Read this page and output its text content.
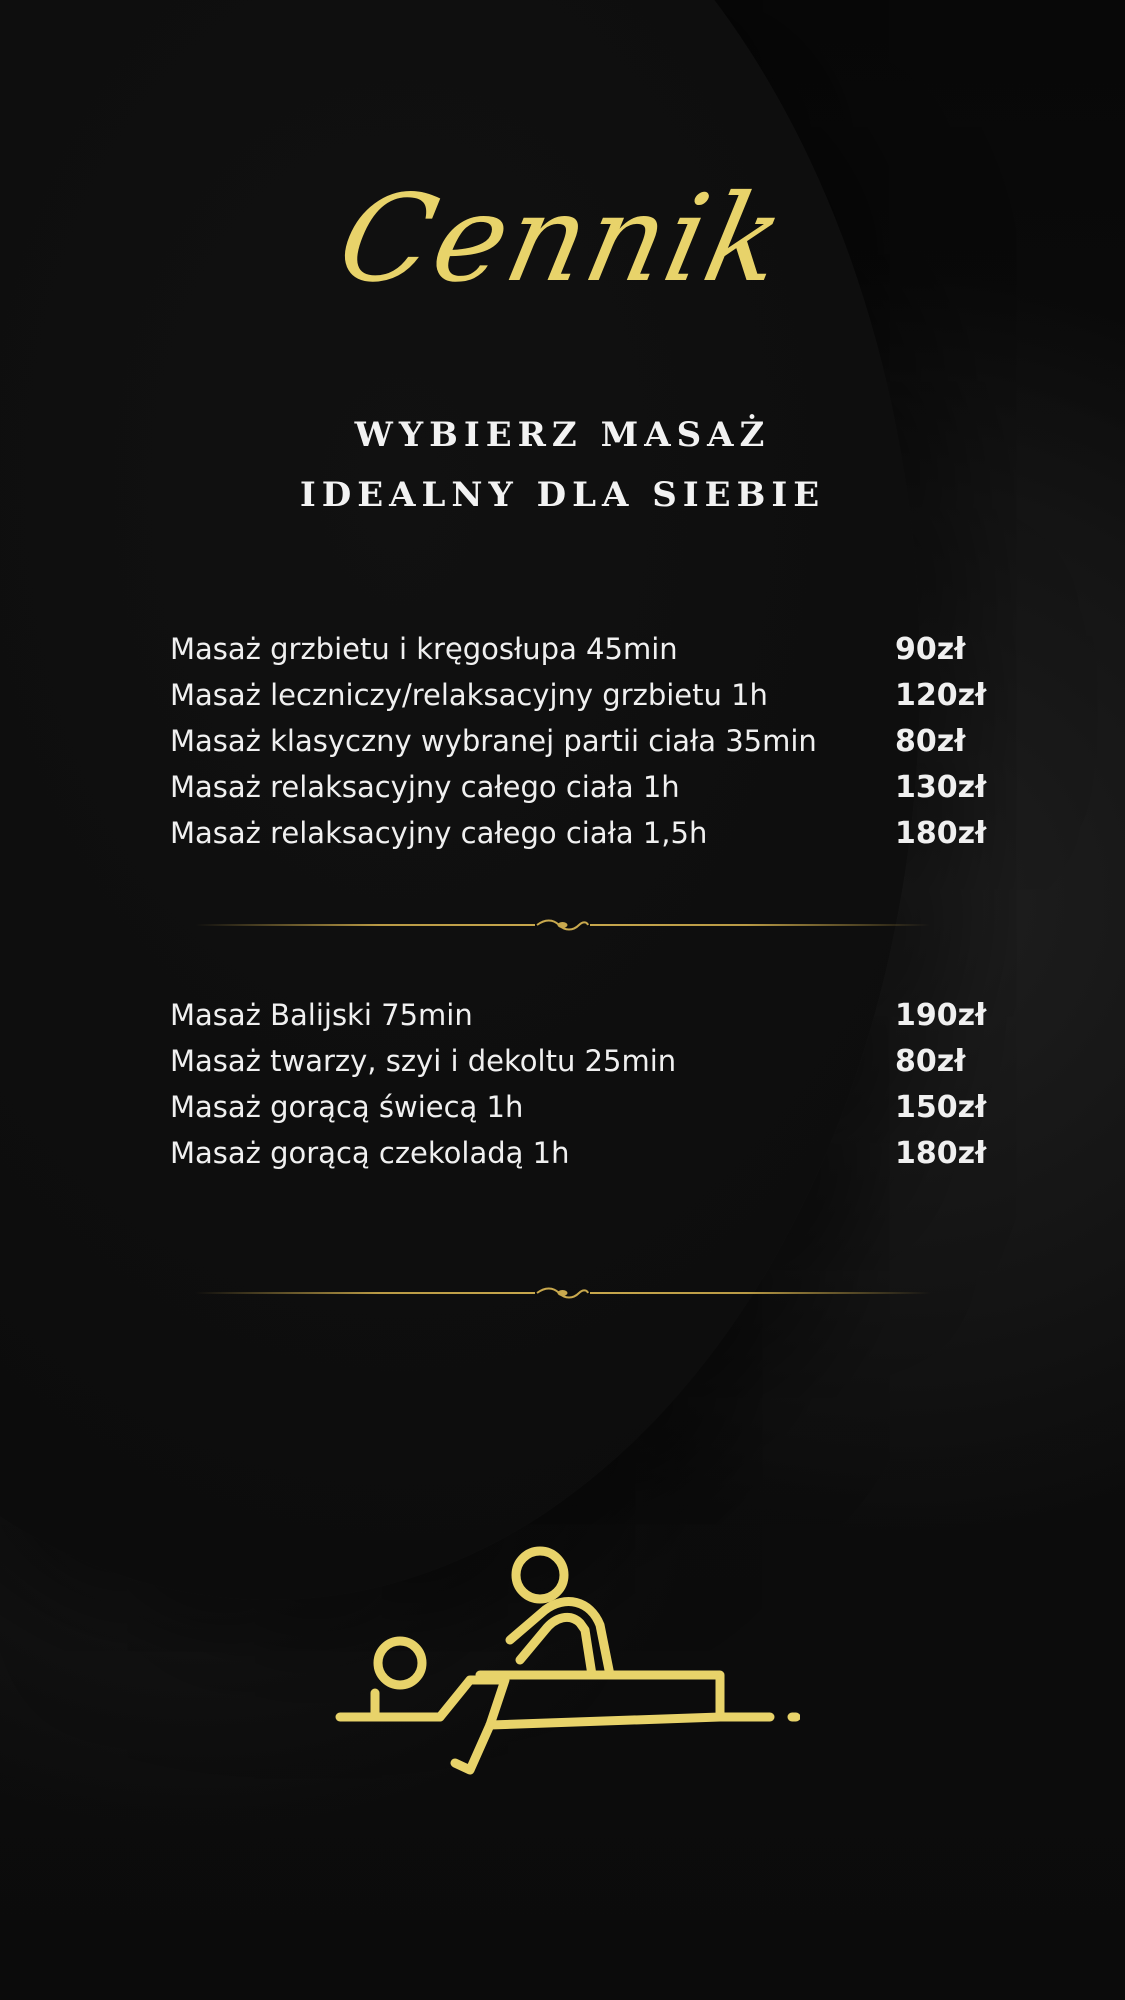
Cennik
WYBIERZ MASAŻ
IDEALNY DLA SIEBIE
Masaż grzbietu i kręgosłupa 45min	90zł
Masaż leczniczy/relaksacyjny grzbietu 1h	120zł
Masaż klasyczny wybranej partii ciała 35min	80zł
Masaż relaksacyjny całego ciała 1h	130zł
Masaż relaksacyjny całego ciała 1,5h	180zł
Masaż Balijski 75min	190zł
Masaż twarzy, szyi i dekoltu 25min	80zł
Masaż gorącą świecą 1h	150zł
Masaż gorącą czekoladą 1h	180zł
